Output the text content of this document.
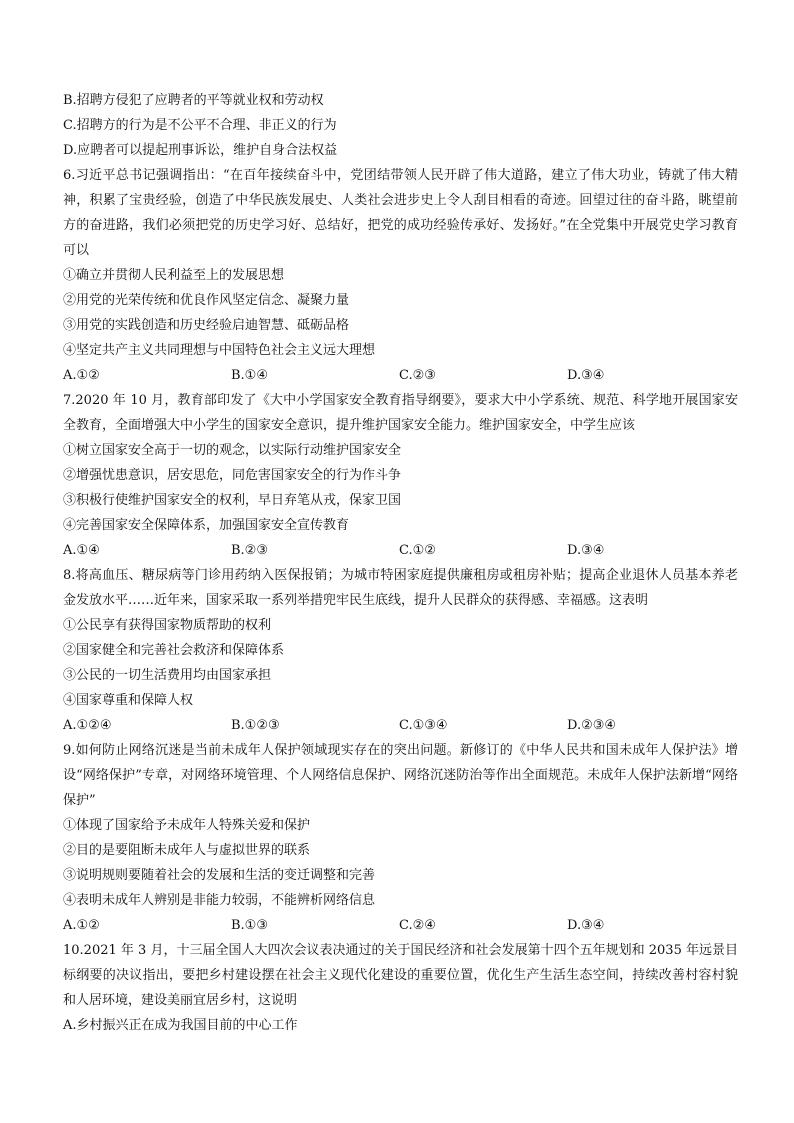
B.招聘方侵犯了应聘者的平等就业权和劳动权
C.招聘方的行为是不公平不合理、非正义的行为
D.应聘者可以提起刑事诉讼，维护自身合法权益
6.习近平总书记强调指出：“在百年接续奋斗中，党团结带领人民开辟了伟大道路，建立了伟大功业，铸就了伟大精神，积累了宝贵经验，创造了中华民族发展史、人类社会进步史上令人刮目相看的奇迹。回望过往的奋斗路，眺望前方的奋进路，我们必须把党的历史学习好、总结好，把党的成功经验传承好、发扬好。”在全党集中开展党史学习教育可以
①确立并贯彻人民利益至上的发展思想
②用党的光荣传统和优良作风坚定信念、凝聚力量
③用党的实践创造和历史经验启迪智慧、砥砺品格
④坚定共产主义共同理想与中国特色社会主义远大理想
A.①②	B.①④	C.②③	D.③④
7.2020 年 10 月，教育部印发了《大中小学国家安全教育指导纲要》，要求大中小学系统、规范、科学地开展国家安全教育，全面增强大中小学生的国家安全意识，提升维护国家安全能力。维护国家安全，中学生应该
①树立国家安全高于一切的观念，以实际行动维护国家安全
②增强忧患意识，居安思危，同危害国家安全的行为作斗争
③积极行使维护国家安全的权利，早日弃笔从戎，保家卫国
④完善国家安全保障体系，加强国家安全宣传教育
A.①④	B.②③	C.①②	D.③④
8.将高血压、糖尿病等门诊用药纳入医保报销；为城市特困家庭提供廉租房或租房补贴；提高企业退休人员基本养老金发放水平……近年来，国家采取一系列举措兜牢民生底线，提升人民群众的获得感、幸福感。这表明
①公民享有获得国家物质帮助的权利
②国家健全和完善社会救济和保障体系
③公民的一切生活费用均由国家承担
④国家尊重和保障人权
A.①②④	B.①②③	C.①③④	D.②③④
9.如何防止网络沉迷是当前未成年人保护领域现实存在的突出问题。新修订的《中华人民共和国未成年人保护法》增设“网络保护”专章，对网络环境管理、个人网络信息保护、网络沉迷防治等作出全面规范。未成年人保护法新增“网络保护”
①体现了国家给予未成年人特殊关爱和保护
②目的是要阻断未成年人与虚拟世界的联系
③说明规则要随着社会的发展和生活的变迁调整和完善
④表明未成年人辨别是非能力较弱，不能辨析网络信息
A.①②	B.①③	C.②④	D.③④
10.2021 年 3 月，十三届全国人大四次会议表决通过的关于国民经济和社会发展第十四个五年规划和 2035 年远景目标纲要的决议指出，要把乡村建设摆在社会主义现代化建设的重要位置，优化生产生活生态空间，持续改善村容村貌和人居环境，建设美丽宜居乡村，这说明
A.乡村振兴正在成为我国目前的中心工作
